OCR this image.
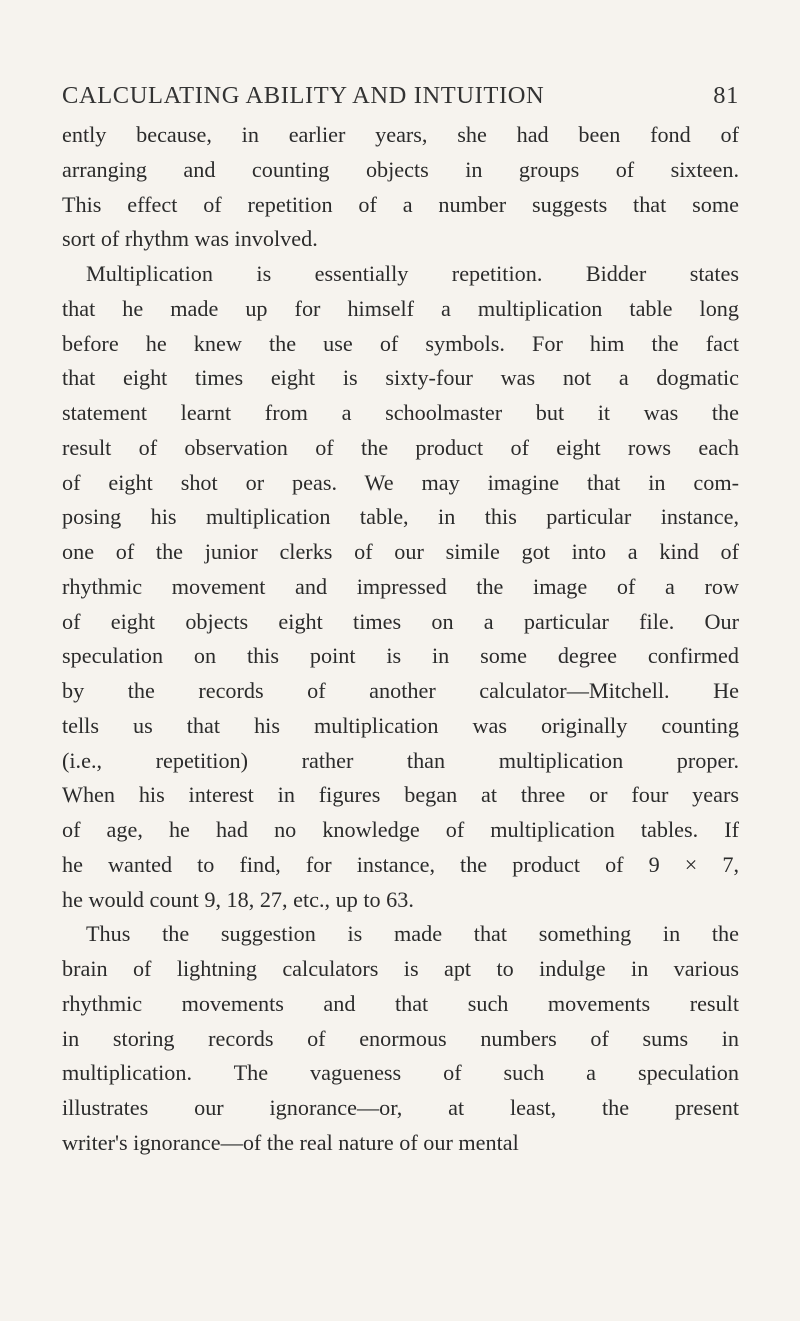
CALCULATING ABILITY AND INTUITION	81
ently because, in earlier years, she had been fond of
arranging and counting objects in groups of sixteen.
This effect of repetition of a number suggests that some
sort of rhythm was involved.
Multiplication is essentially repetition. Bidder states
that he made up for himself a multiplication table long
before he knew the use of symbols. For him the fact
that eight times eight is sixty-four was not a dogmatic
statement learnt from a schoolmaster but it was the
result of observation of the product of eight rows each
of eight shot or peas. We may imagine that in com-
posing his multiplication table, in this particular instance,
one of the junior clerks of our simile got into a kind of
rhythmic movement and impressed the image of a row
of eight objects eight times on a particular file. Our
speculation on this point is in some degree confirmed
by the records of another calculator—Mitchell. He
tells us that his multiplication was originally counting
(i.e., repetition) rather than multiplication proper.
When his interest in figures began at three or four years
of age, he had no knowledge of multiplication tables. If
he wanted to find, for instance, the product of 9 × 7,
he would count 9, 18, 27, etc., up to 63.
Thus the suggestion is made that something in the
brain of lightning calculators is apt to indulge in various
rhythmic movements and that such movements result
in storing records of enormous numbers of sums in
multiplication. The vagueness of such a speculation
illustrates our ignorance—or, at least, the present
writer's ignorance—of the real nature of our mental
